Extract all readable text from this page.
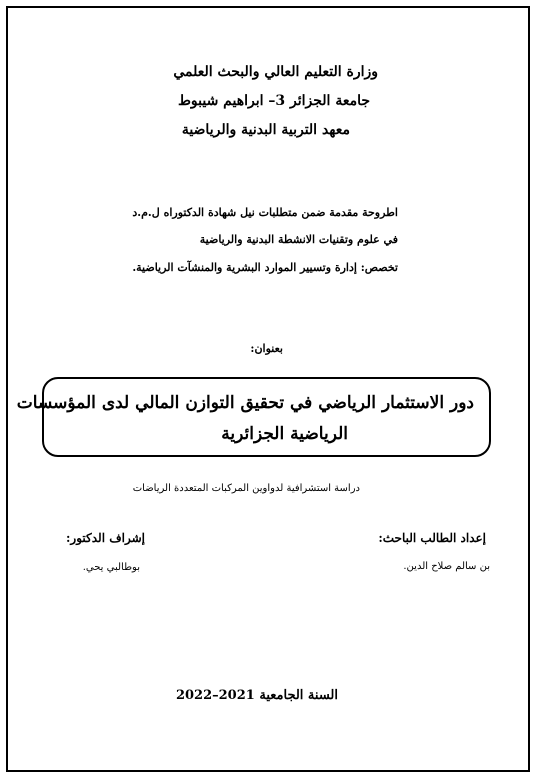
وزارة التعليم العالي والبحث العلمي
جامعة الجزائر 3– ابراهيم شيبوط
معهد التربية البدنية والرياضية
اطروحة مقدمة ضمن متطلبات نيل شهادة الدكتوراه ل.م.د
في علوم وتقنيات الانشطة البدنية والرياضية
تخصص: إدارة وتسيير الموارد البشرية والمنشآت الرياضية.
بعنوان:
دور الاستثمار الرياضي في تحقيق التوازن المالي لدى المؤسسات
الرياضية الجزائرية
دراسة استشرافية لدواوين المركبات المتعددة الرياضات
إعداد الطالب الباحث:
بن سالم صلاح الدين.
إشراف الدكتور:
بوطالبي يحي.
السنة الجامعية 2021–2022
